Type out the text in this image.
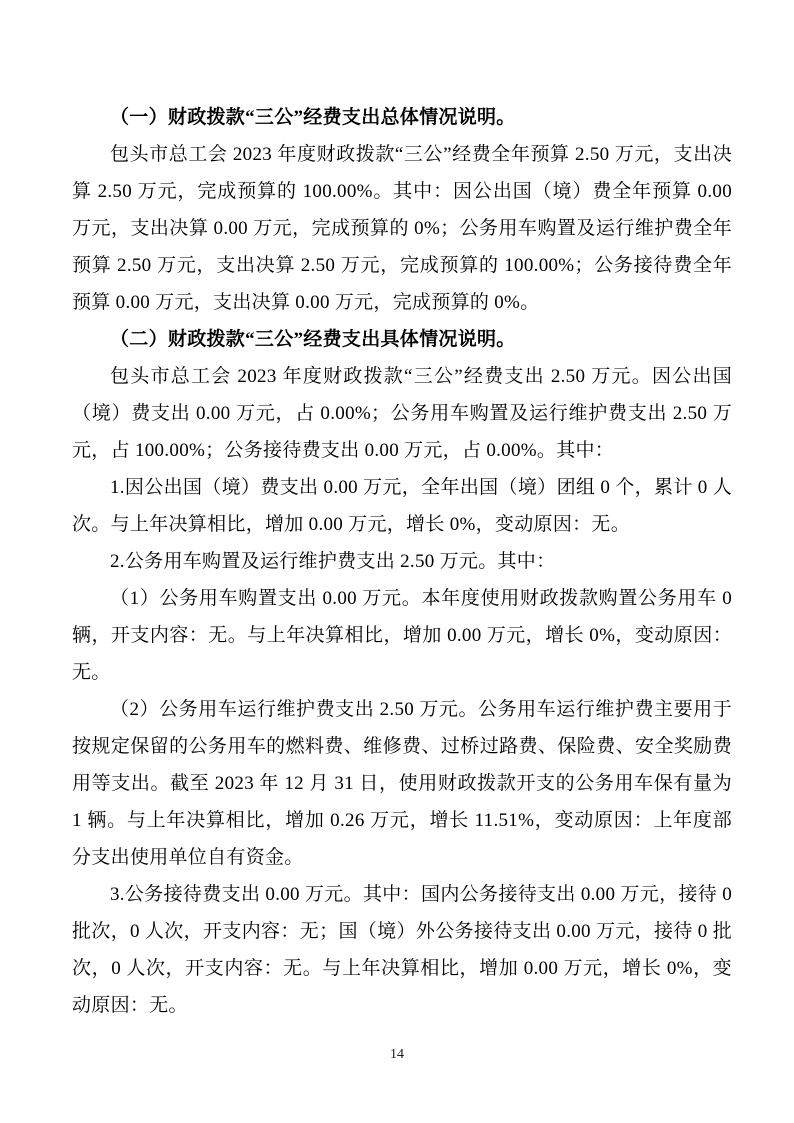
（一）财政拨款“三公”经费支出总体情况说明。

包头市总工会 2023 年度财政拨款“三公”经费全年预算 2.50 万元，支出决算 2.50 万元，完成预算的 100.00%。其中：因公出国（境）费全年预算 0.00 万元，支出决算 0.00 万元，完成预算的 0%；公务用车购置及运行维护费全年预算 2.50 万元，支出决算 2.50 万元，完成预算的 100.00%；公务接待费全年预算 0.00 万元，支出决算 0.00 万元，完成预算的 0%。

（二）财政拨款“三公”经费支出具体情况说明。

包头市总工会 2023 年度财政拨款“三公”经费支出 2.50 万元。因公出国（境）费支出 0.00 万元，占 0.00%；公务用车购置及运行维护费支出 2.50 万元，占 100.00%；公务接待费支出 0.00 万元，占 0.00%。其中：

1.因公出国（境）费支出 0.00 万元，全年出国（境）团组 0 个，累计 0 人次。与上年决算相比，增加 0.00 万元，增长 0%，变动原因：无。

2.公务用车购置及运行维护费支出 2.50 万元。其中：

（1）公务用车购置支出 0.00 万元。本年度使用财政拨款购置公务用车 0 辆，开支内容：无。与上年决算相比，增加 0.00 万元，增长 0%，变动原因：无。

（2）公务用车运行维护费支出 2.50 万元。公务用车运行维护费主要用于按规定保留的公务用车的燃料费、维修费、过桥过路费、保险费、安全奖励费用等支出。截至 2023 年 12 月 31 日，使用财政拨款开支的公务用车保有量为 1 辆。与上年决算相比，增加 0.26 万元，增长 11.51%，变动原因：上年度部分支出使用单位自有资金。

3.公务接待费支出 0.00 万元。其中：国内公务接待支出 0.00 万元，接待 0 批次，0 人次，开支内容：无；国（境）外公务接待支出 0.00 万元，接待 0 批次，0 人次，开支内容：无。与上年决算相比，增加 0.00 万元，增长 0%，变动原因：无。

14
